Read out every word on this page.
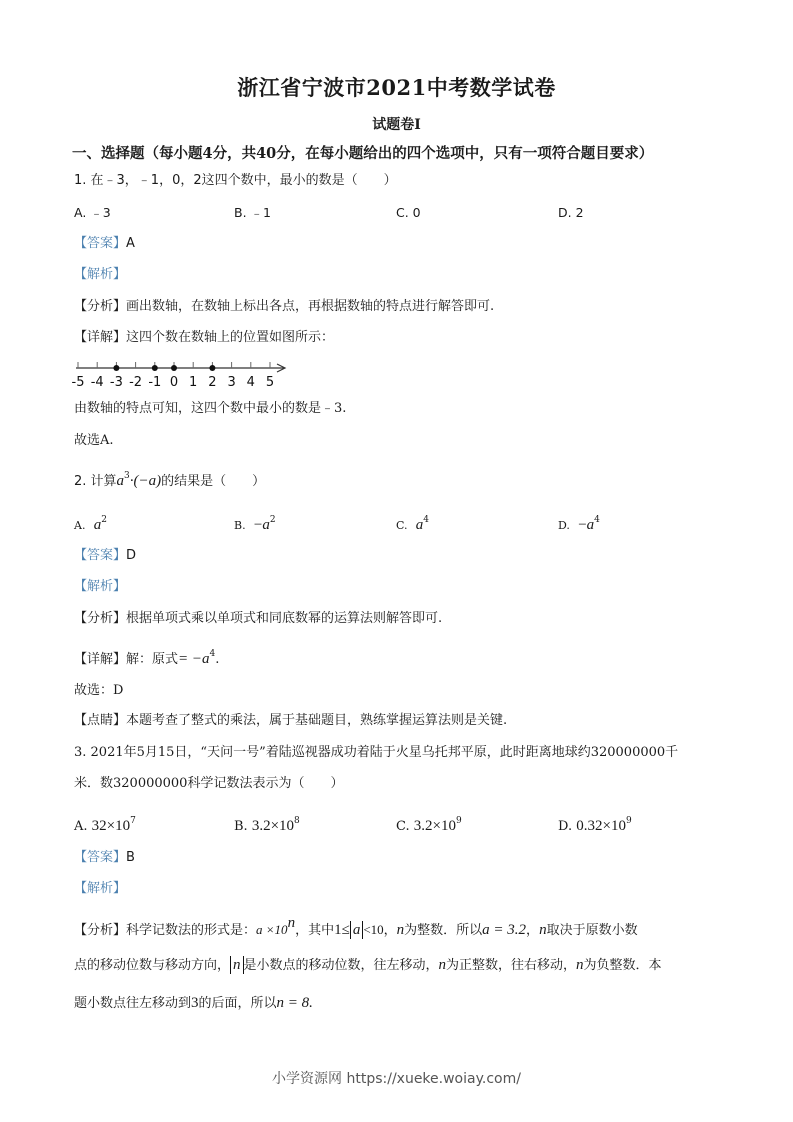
浙江省宁波市2021中考数学试卷
试题卷Ⅰ
一、选择题（每小题4分，共40分，在每小题给出的四个选项中，只有一项符合题目要求）
1. 在﹣3，﹣1，0，2这四个数中，最小的数是（　　）
A. ﹣3	B. ﹣1	C. 0	D. 2
【答案】A
【解析】
【分析】画出数轴，在数轴上标出各点，再根据数轴的特点进行解答即可.
【详解】这四个数在数轴上的位置如图所示：
-5 -4 -3 -2 -1 0 1 2 3 4 5
由数轴的特点可知，这四个数中最小的数是﹣3.
故选A.
2. 计算$a^3\cdot(-a)$的结果是（　　）
A. $a^2$	B. $-a^2$	C. $a^4$	D. $-a^4$
【答案】D
【解析】
【分析】根据单项式乘以单项式和同底数幂的运算法则解答即可.
【详解】解：原式= $-a^4$.
故选：D
【点睛】本题考查了整式的乘法，属于基础题目，熟练掌握运算法则是关键.
3. 2021年5月15日，“天问一号”着陆巡视器成功着陆于火星乌托邦平原，此时距离地球约320000000千
米．数320000000科学记数法表示为（　　）
A. $32\times 10^7$	B. $3.2\times 10^8$	C. $3.2\times 10^9$	D. $0.32\times 10^9$
【答案】B
【解析】
【分析】科学记数法的形式是：$a \times 10^n$，其中1≤ a <10，n为整数．所以a = 3.2，n取决于原数小数
点的移动位数与移动方向， n 是小数点的移动位数，往左移动，n为正整数，往右移动，n为负整数．本
题小数点往左移动到3的后面，所以n = 8.
小学资源网 https://xueke.woiay.com/
